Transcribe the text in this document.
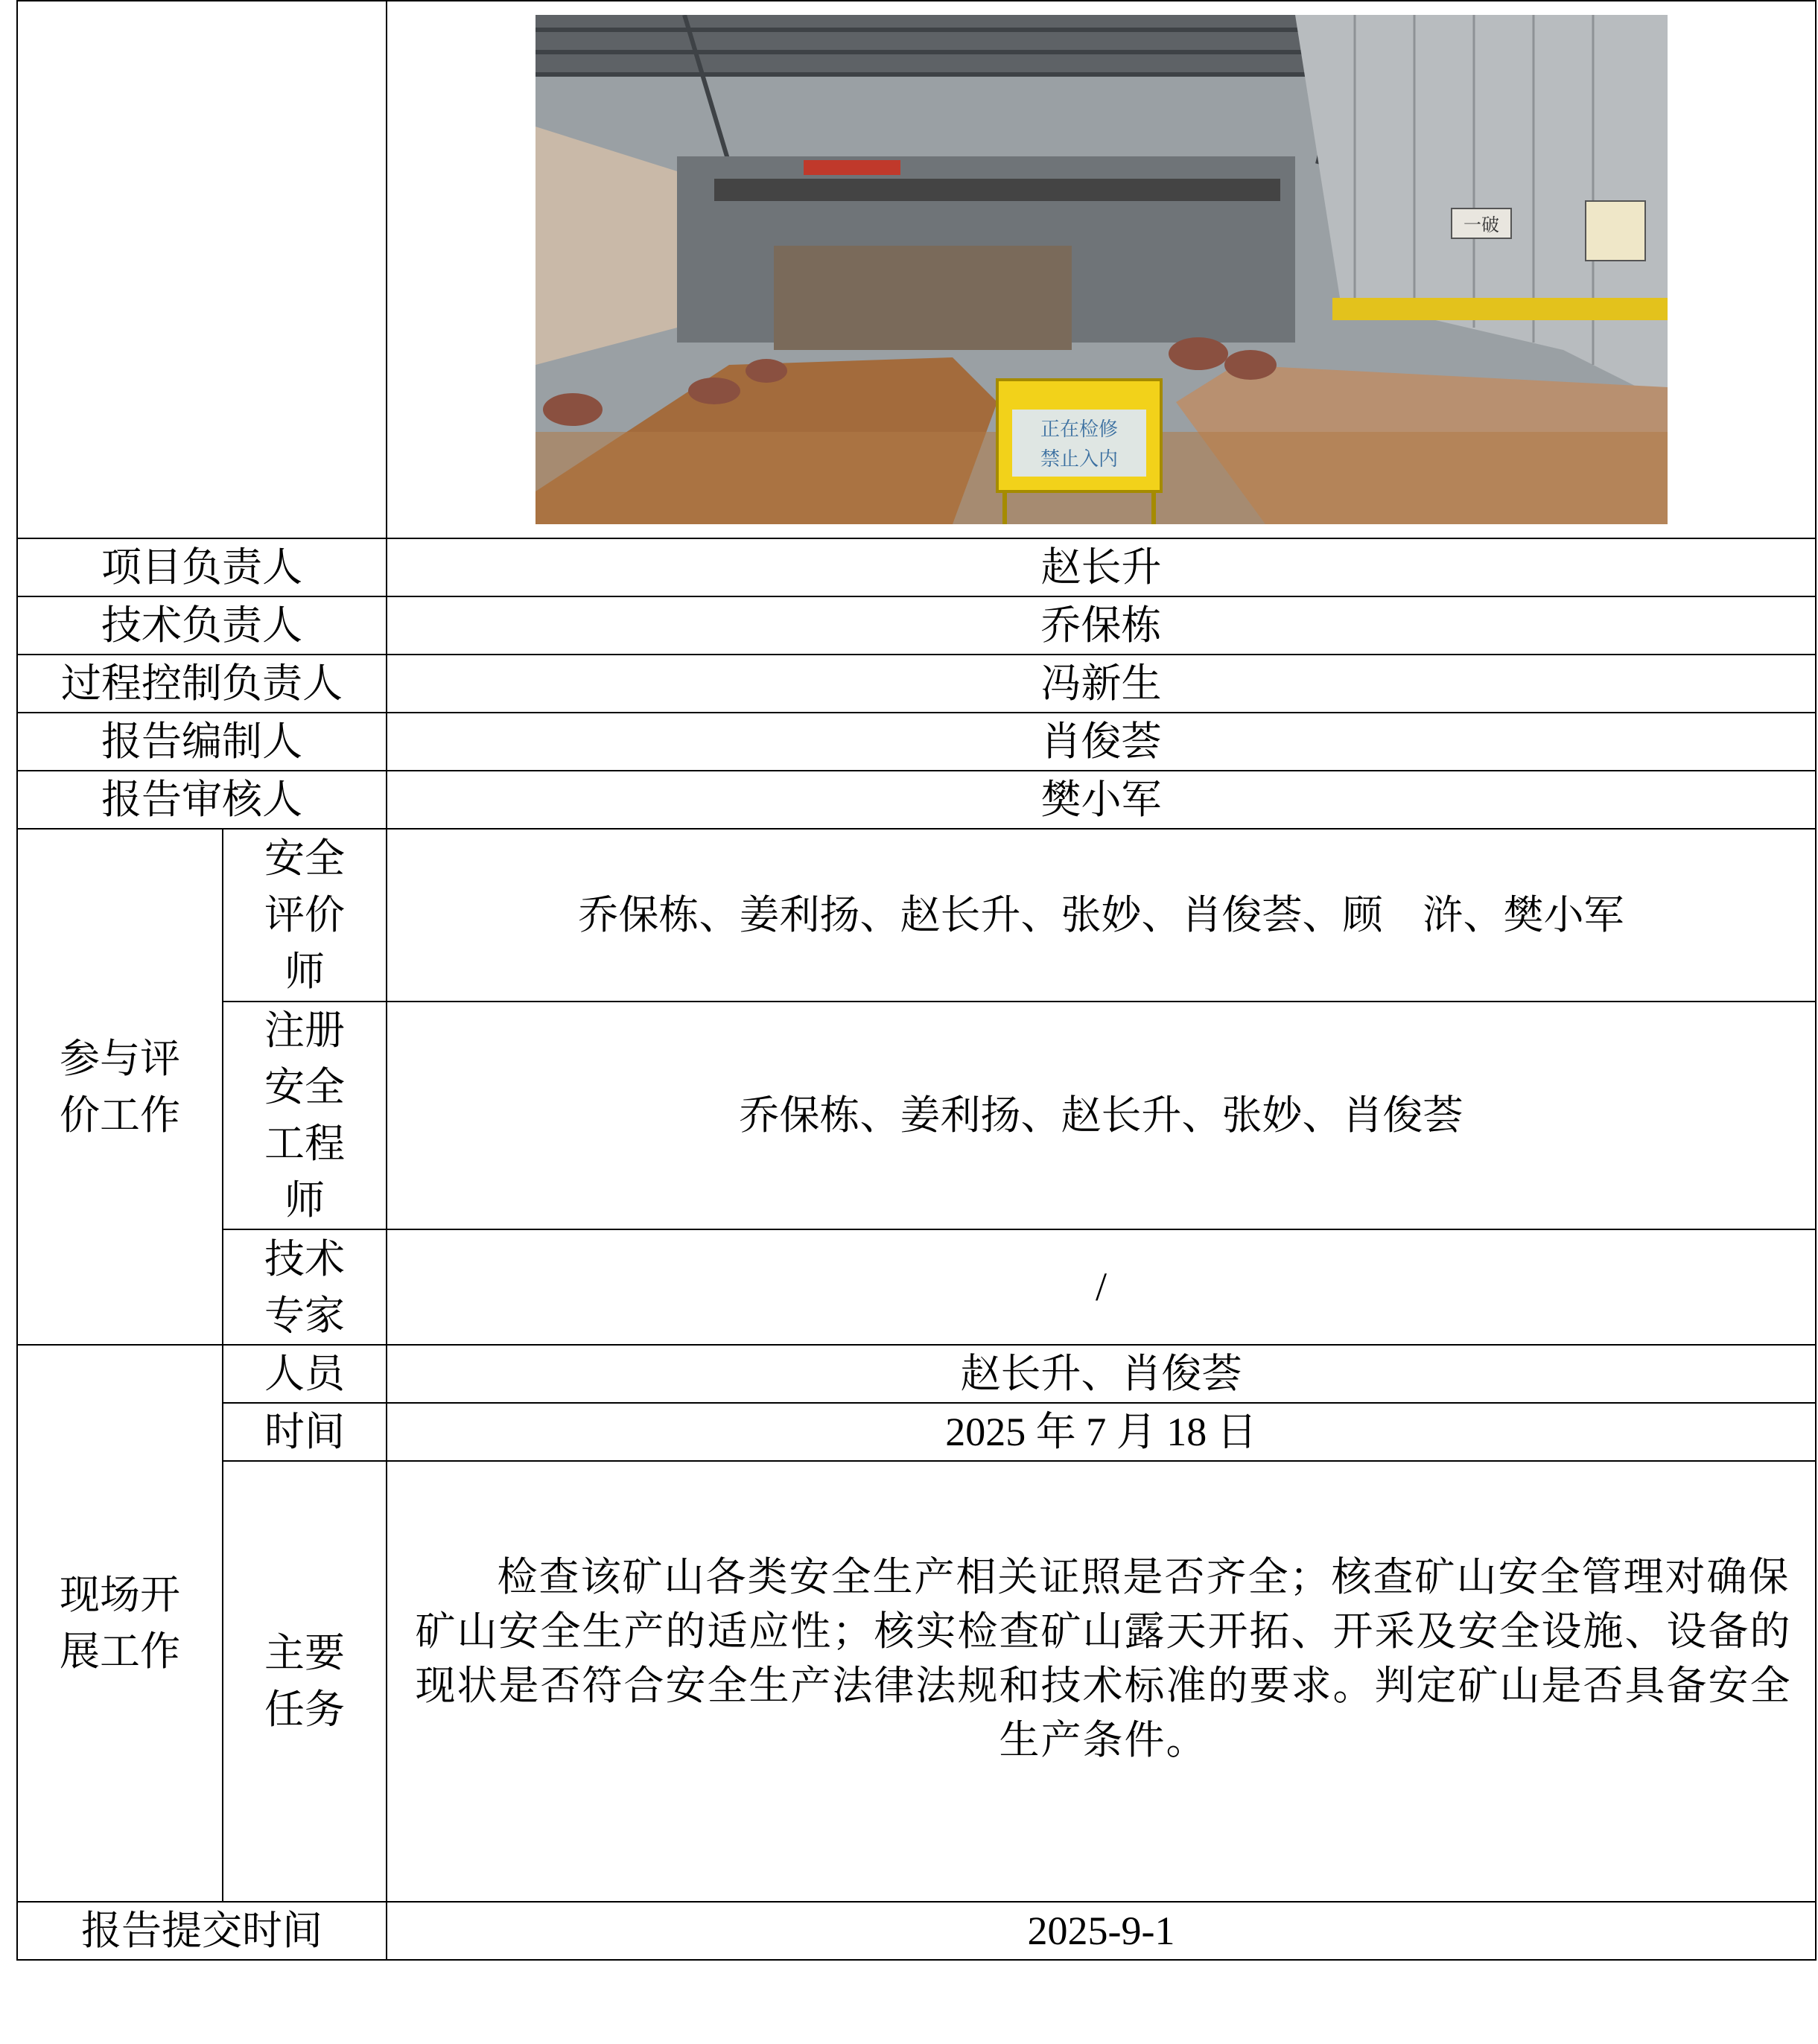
一破
正在检修
禁止入内

项目负责人		赵长升
技术负责人		乔保栋
过程控制负责人		冯新生
报告编制人		肖俊荟
报告审核人		樊小军

参与评价工作	安全评价师	乔保栋、姜利扬、赵长升、张妙、肖俊荟、顾　浒、樊小军

	注册安全工程师	乔保栋、姜利扬、赵长升、张妙、肖俊荟

	技术专家	/

现场开展工作	人员	赵长升、肖俊荟
	时间	2025 年 7 月 18 日

	主要任务	检查该矿山各类安全生产相关证照是否齐全；核查矿山安全管理对确保矿山安全生产的适应性；核实检查矿山露天开拓、开采及安全设施、设备的现状是否符合安全生产法律法规和技术标准的要求。判定矿山是否具备安全生产条件。
报告提交时间		2025-9-1
